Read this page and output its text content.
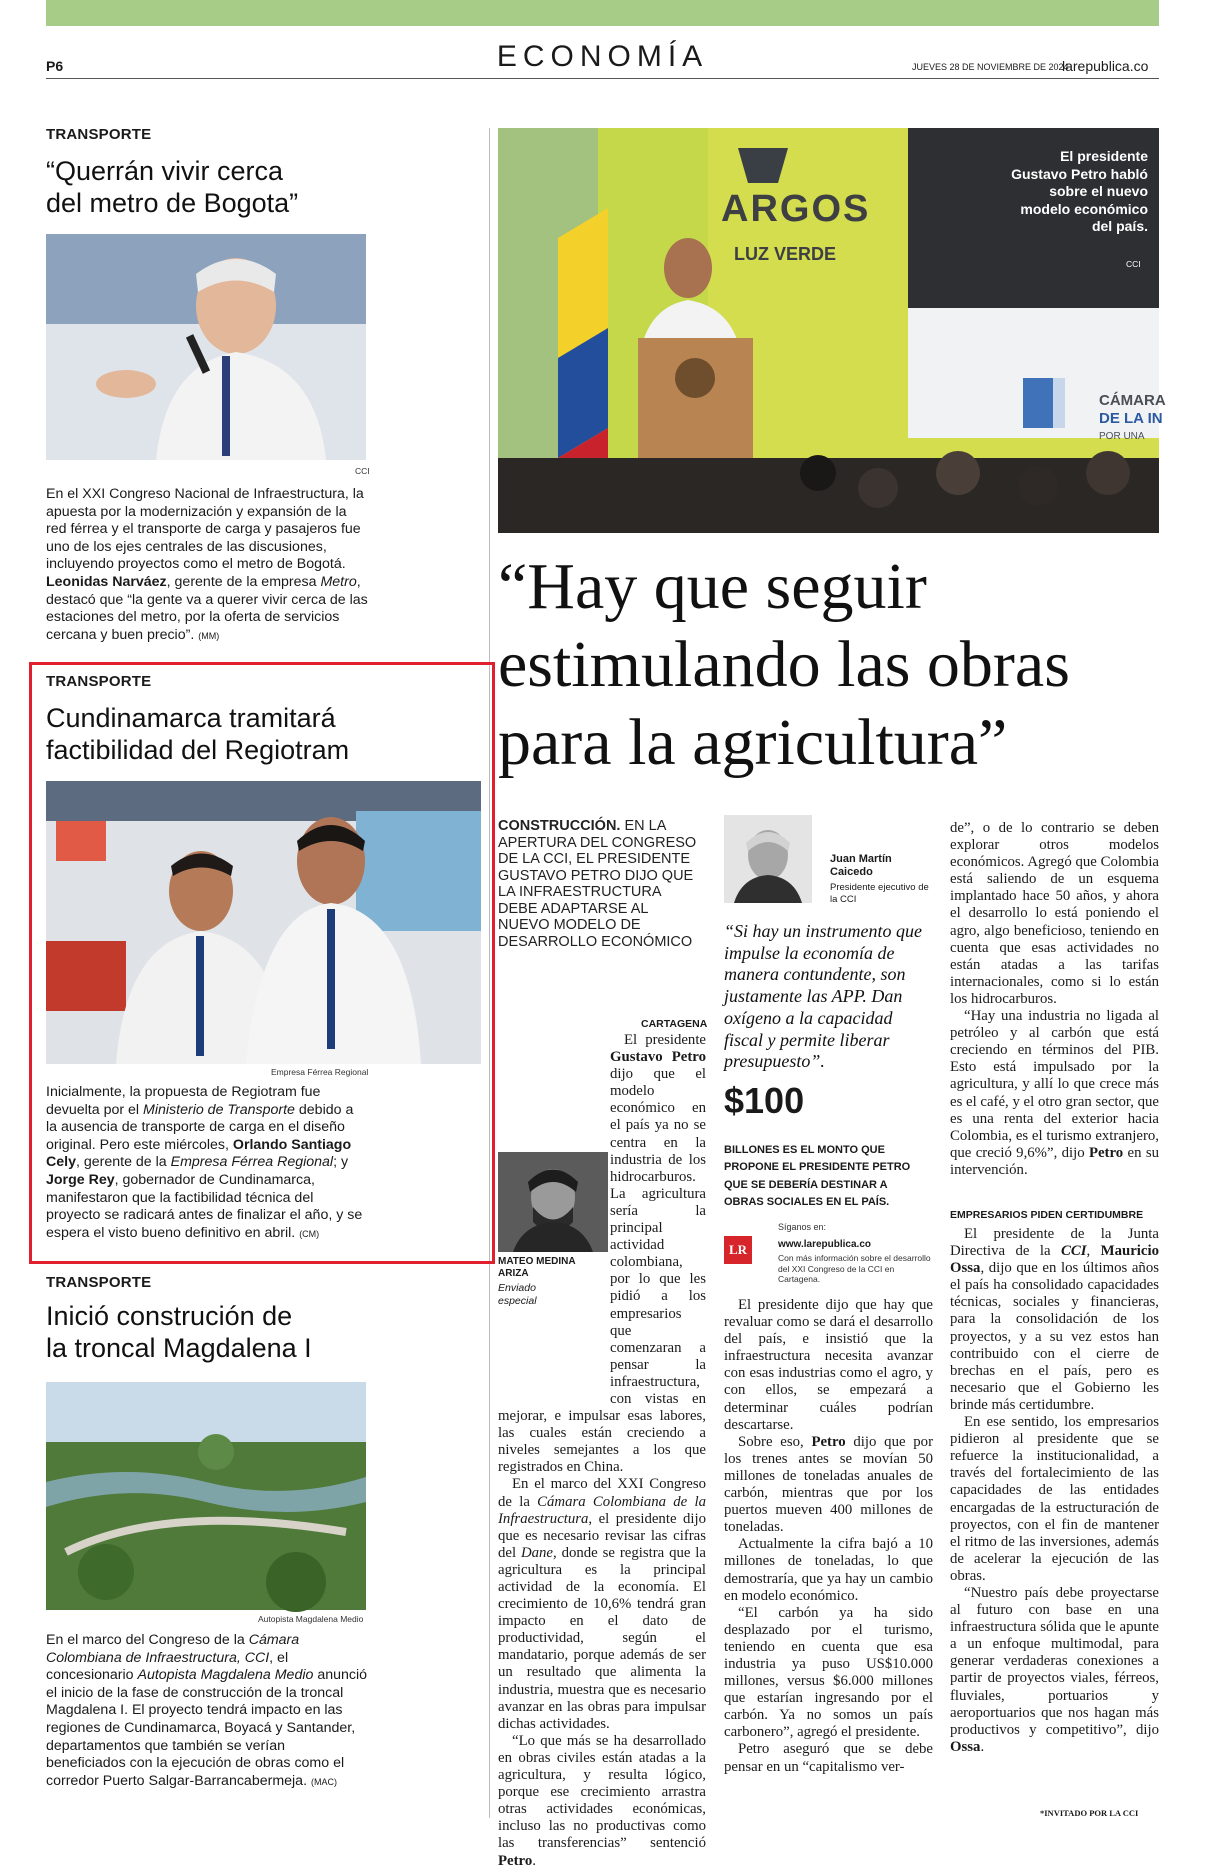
P6	ECONOMÍA	JUEVES 28 DE NOVIEMBRE DE 2024
larepublica.co
TRANSPORTE
“Querrán vivir cerca
del metro de Bogota”
CCI
En el XXI Congreso Nacional de Infraestructura, la apuesta por la modernización y expansión de la red férrea y el transporte de carga y pasajeros fue uno de los ejes centrales de las discusiones, incluyendo proyectos como el metro de Bogotá. Leonidas Narváez, gerente de la empresa Metro, destacó que “la gente va a querer vivir cerca de las estaciones del metro, por la oferta de servicios cercana y buen precio”. (MM)
TRANSPORTE
Cundinamarca tramitará
factibilidad del Regiotram
Empresa Férrea Regional
Inicialmente, la propuesta de Regiotram fue devuelta por el Ministerio de Transporte debido a la ausencia de transporte de carga en el diseño original. Pero este miércoles, Orlando Santiago Cely, gerente de la Empresa Férrea Regional; y Jorge Rey, gobernador de Cundinamarca, manifestaron que la factibilidad técnica del proyecto se radicará antes de finalizar el año, y se espera el visto bueno definitivo en abril. (CM)
TRANSPORTE
Inició construción de
la troncal Magdalena I
Autopista Magdalena Medio
En el marco del Congreso de la Cámara Colombiana de Infraestructura, CCI, el concesionario Autopista Magdalena Medio anunció el inicio de la fase de construcción de la troncal Magdalena I. El proyecto tendrá impacto en las regiones de Cundinamarca, Boyacá y Santander, departamentos que también se verían beneficiados con la ejecución de obras como el corredor Puerto Salgar-Barrancabermeja. (MAC)
ARGOS
LUZ VERDE
CÁMARA
DE LA IN
POR UNA
El presidente Gustavo Petro habló sobre el nuevo modelo económico del país.
CCI
“Hay que seguir
estimulando las obras
para la agricultura”
CONSTRUCCIÓN. EN LA APERTURA DEL CONGRESO DE LA CCI, EL PRESIDENTE GUSTAVO PETRO DIJO QUE LA INFRAESTRUCTURA DEBE ADAPTARSE AL NUEVO MODELO DE DESARROLLO ECONÓMICO
CARTAGENA
MATEO MEDINA ARIZA
Enviado especial

El presidente Gustavo Petro dijo que el modelo económico en el país ya no se centra en la industria de los hidrocarburos. La agricultura sería la principal actividad colombiana, por lo que les pidió a los empresarios que comenzaran a pensar la infraestructura, con vistas en mejorar, e impulsar esas labores, las cuales están creciendo a niveles semejantes a los que registrados en China.

En el marco del XXI Congreso de la Cámara Colombiana de la Infraestructura, el presidente dijo que es necesario revisar las cifras del Dane, donde se registra que la agricultura es la principal actividad de la economía. El crecimiento de 10,6% tendrá gran impacto en el dato de productividad, según el mandatario, porque además de ser un resultado que alimenta la industria, muestra que es necesario avanzar en las obras para impulsar dichas actividades.

“Lo que más se ha desarrollado en obras civiles están atadas a la agricultura, y resulta lógico, porque ese crecimiento arrastra otras actividades económicas, incluso las no productivas como las transferencias” sentenció Petro.

Juan Martín Caicedo
Presidente ejecutivo de la CCI
“Si hay un instrumento que impulse la economía de manera contundente, son justamente las APP. Dan oxígeno a la capacidad fiscal y permite liberar presupuesto”.
$100
BILLONES ES EL MONTO QUE PROPONE EL PRESIDENTE PETRO QUE SE DEBERÍA DESTINAR A OBRAS SOCIALES EN EL PAÍS.
LR
Síganos en:
www.larepublica.co
Con más información sobre el desarrollo del XXI Congreso de la CCI en Cartagena.

El presidente dijo que hay que revaluar como se dará el desarrollo del país, e insistió que la infraestructura necesita avanzar con esas industrias como el agro, y con ellos, se empezará a determinar cuáles podrían descartarse.

Sobre eso, Petro dijo que por los trenes antes se movían 50 millones de toneladas anuales de carbón, mientras que por los puertos mueven 400 millones de toneladas.

Actualmente la cifra bajó a 10 millones de toneladas, lo que demostraría, que ya hay un cambio en modelo económico.

“El carbón ya ha sido desplazado por el turismo, teniendo en cuenta que esa industria ya puso US$10.000 millones, versus $6.000 millones que estarían ingresando por el carbón. Ya no somos un país carbonero”, agregó el presidente.

Petro aseguró que se debe pensar en un “capitalismo ver-

de”, o de lo contrario se deben explorar otros modelos económicos. Agregó que Colombia está saliendo de un esquema implantado hace 50 años, y ahora el desarrollo lo está poniendo el agro, algo beneficioso, teniendo en cuenta que esas actividades no están atadas a las tarifas internacionales, como si lo están los hidrocarburos.

“Hay una industria no ligada al petróleo y al carbón que está creciendo en términos del PIB. Esto está impulsado por la agricultura, y allí lo que crece más es el café, y el otro gran sector, que es una renta del exterior hacia Colombia, es el turismo extranjero, que creció 9,6%”, dijo Petro en su intervención.

EMPRESARIOS PIDEN CERTIDUMBRE

El presidente de la Junta Directiva de la CCI, Mauricio Ossa, dijo que en los últimos años el país ha consolidado capacidades técnicas, sociales y financieras, para la consolidación de los proyectos, y a su vez estos han contribuido con el cierre de brechas en el país, pero es necesario que el Gobierno les brinde más certidumbre.

En ese sentido, los empresarios pidieron al presidente que se refuerce la institucionalidad, a través del fortalecimiento de las capacidades de las entidades encargadas de la estructuración de proyectos, con el fin de mantener el ritmo de las inversiones, además de acelerar la ejecución de las obras.

“Nuestro país debe proyectarse al futuro con base en una infraestructura sólida que le apunte a un enfoque multimodal, para generar verdaderas conexiones a partir de proyectos viales, férreos, fluviales, portuarios y aeroportuarios que nos hagan más productivos y competitivo”, dijo Ossa.

*INVITADO POR LA CCI
